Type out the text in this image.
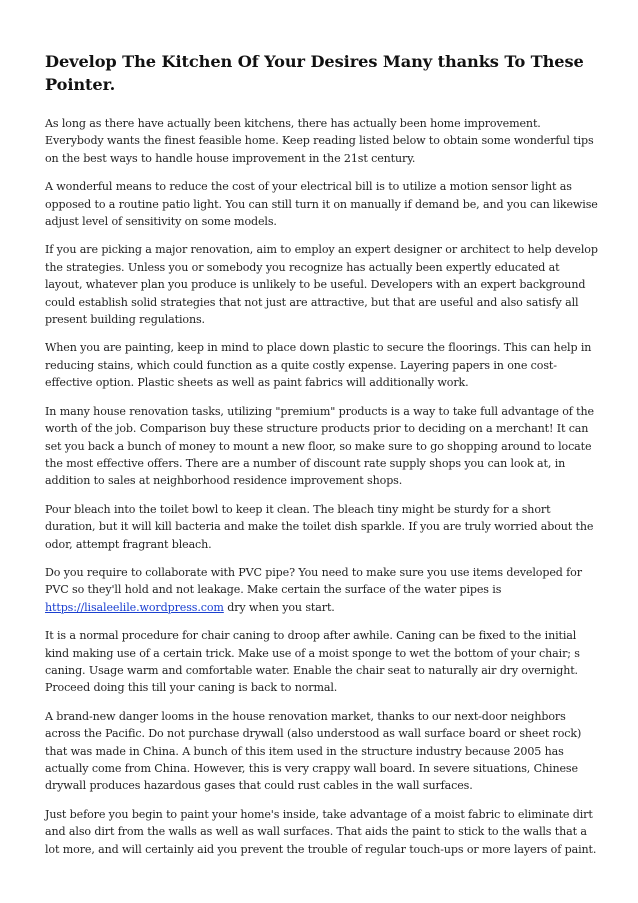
Develop The Kitchen Of Your Desires Many thanks To These Pointer.

As long as there have actually been kitchens, there has actually been home improvement. Everybody wants the finest feasible home. Keep reading listed below to obtain some wonderful tips on the best ways to handle house improvement in the 21st century.

A wonderful means to reduce the cost of your electrical bill is to utilize a motion sensor light as opposed to a routine patio light. You can still turn it on manually if demand be, and you can likewise adjust level of sensitivity on some models.

If you are picking a major renovation, aim to employ an expert designer or architect to help develop the strategies. Unless you or somebody you recognize has actually been expertly educated at layout, whatever plan you produce is unlikely to be useful. Developers with an expert background could establish solid strategies that not just are attractive, but that are useful and also satisfy all present building regulations.

When you are painting, keep in mind to place down plastic to secure the floorings. This can help in reducing stains, which could function as a quite costly expense. Layering papers in one cost-effective option. Plastic sheets as well as paint fabrics will additionally work.

In many house renovation tasks, utilizing "premium" products is a way to take full advantage of the worth of the job. Comparison buy these structure products prior to deciding on a merchant! It can set you back a bunch of money to mount a new floor, so make sure to go shopping around to locate the most effective offers. There are a number of discount rate supply shops you can look at, in addition to sales at neighborhood residence improvement shops.

Pour bleach into the toilet bowl to keep it clean. The bleach tiny might be sturdy for a short duration, but it will kill bacteria and make the toilet dish sparkle. If you are truly worried about the odor, attempt fragrant bleach.

Do you require to collaborate with PVC pipe? You need to make sure you use items developed for PVC so they'll hold and not leakage. Make certain the surface of the water pipes is https://lisaleelile.wordpress.com dry when you start.

It is a normal procedure for chair caning to droop after awhile. Caning can be fixed to the initial kind making use of a certain trick. Make use of a moist sponge to wet the bottom of your chair; s caning. Usage warm and comfortable water. Enable the chair seat to naturally air dry overnight. Proceed doing this till your caning is back to normal.

A brand-new danger looms in the house renovation market, thanks to our next-door neighbors across the Pacific. Do not purchase drywall (also understood as wall surface board or sheet rock) that was made in China. A bunch of this item used in the structure industry because 2005 has actually come from China. However, this is very crappy wall board. In severe situations, Chinese drywall produces hazardous gases that could rust cables in the wall surfaces.

Just before you begin to paint your home's inside, take advantage of a moist fabric to eliminate dirt and also dirt from the walls as well as wall surfaces. That aids the paint to stick to the walls that a lot more, and will certainly aid you prevent the trouble of regular touch-ups or more layers of paint.
